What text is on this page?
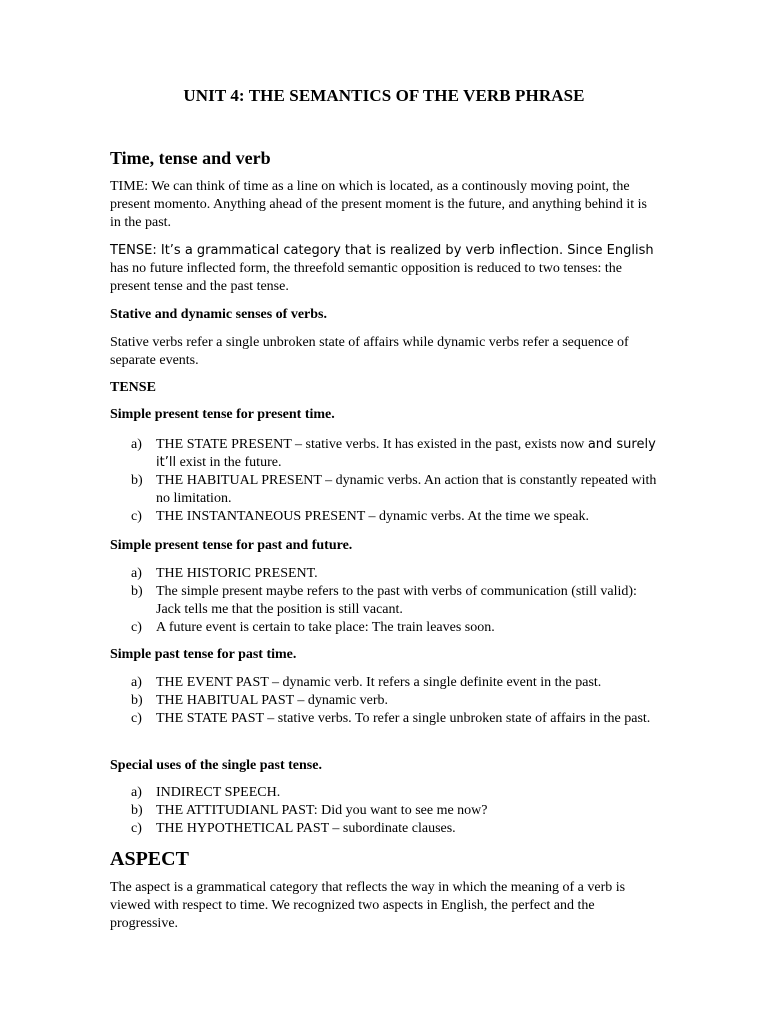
UNIT 4: THE SEMANTICS OF THE VERB PHRASE
Time, tense and verb
TIME: We can think of time as a line on which is located, as a continously moving point, the present momento. Anything ahead of the present moment is the future, and anything behind it is in the past.
TENSE: It’s a grammatical category that is realized by verb inflection. Since English has no future inflected form, the threefold semantic opposition is reduced to two tenses: the present tense and the past tense.
Stative and dynamic senses of verbs.
Stative verbs refer a single unbroken state of affairs while dynamic verbs refer a sequence of separate events.
TENSE
Simple present tense for present time.
a) THE STATE PRESENT – stative verbs. It has existed in the past, exists now and surely it’ll exist in the future.
b) THE HABITUAL PRESENT – dynamic verbs. An action that is constantly repeated with no limitation.
c) THE INSTANTANEOUS PRESENT – dynamic verbs. At the time we speak.
Simple present tense for past and future.
a) THE HISTORIC PRESENT.
b) The simple present maybe refers to the past with verbs of communication (still valid): Jack tells me that the position is still vacant.
c) A future event is certain to take place: The train leaves soon.
Simple past tense for past time.
a) THE EVENT PAST – dynamic verb. It refers a single definite event in the past.
b) THE HABITUAL PAST – dynamic verb.
c) THE STATE PAST – stative verbs. To refer a single unbroken state of affairs in the past.
Special uses of the single past tense.
a) INDIRECT SPEECH.
b) THE ATTITUDIANL PAST: Did you want to see me now?
c) THE HYPOTHETICAL PAST – subordinate clauses.
ASPECT
The aspect is a grammatical category that reflects the way in which the meaning of a verb is viewed with respect to time. We recognized two aspects in English, the perfect and the progressive.
